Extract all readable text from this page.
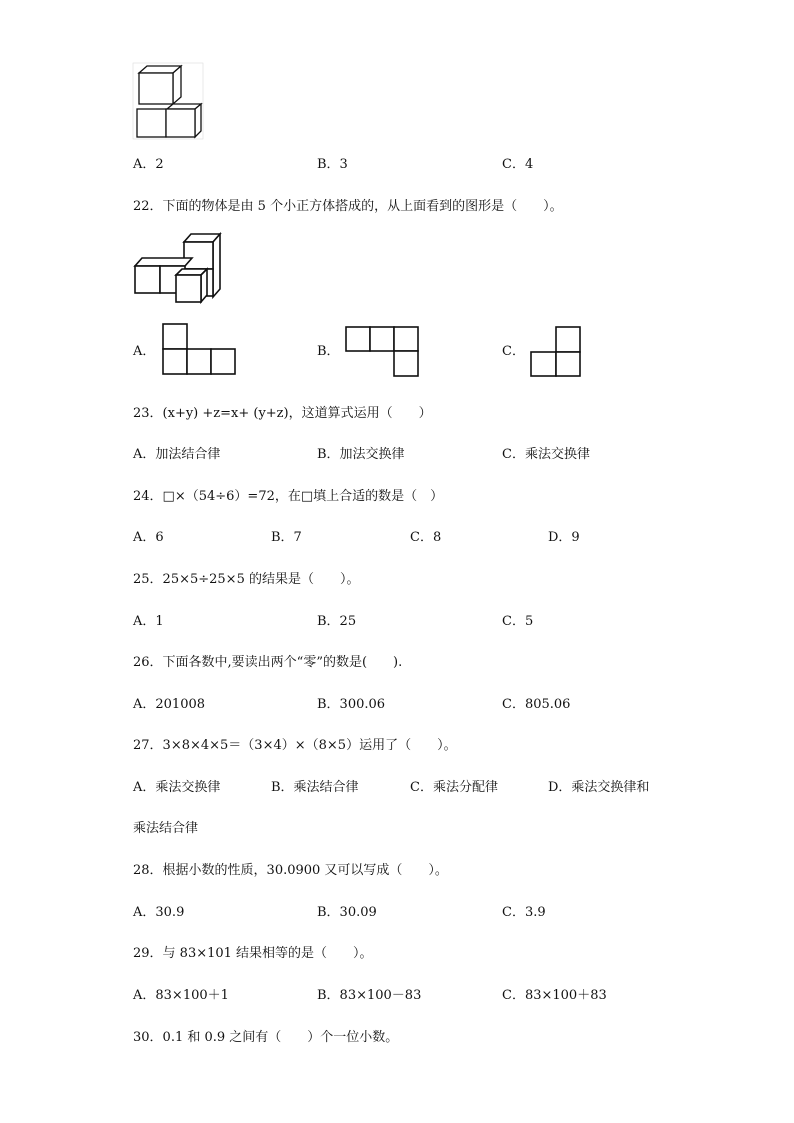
A．2	B．3	C．4
22．下面的物体是由 5 个小正方体搭成的，从上面看到的图形是（　　）。
A．	B．	C．
23．(x+y) +z=x+ (y+z)，这道算式运用（　　）
A．加法结合律	B．加法交换律	C．乘法交换律
24．□×（54÷6）=72，在□填上合适的数是（　）
A．6	B．7	C．8	D．9
25．25×5÷25×5 的结果是（　　）。
A．1	B．25	C．5
26．下面各数中,要读出两个“零”的数是(　　).
A．201008	B．300.06	C．805.06
27．3×8×4×5＝（3×4）×（8×5）运用了（　　）。
A．乘法交换律	B．乘法结合律	C．乘法分配律	D．乘法交换律和
乘法结合律
28．根据小数的性质，30.0900 又可以写成（　　）。
A．30.9	B．30.09	C．3.9
29．与 83×101 结果相等的是（　　）。
A．83×100＋1	B．83×100－83	C．83×100＋83
30．0.1 和 0.9 之间有（　　）个一位小数。
